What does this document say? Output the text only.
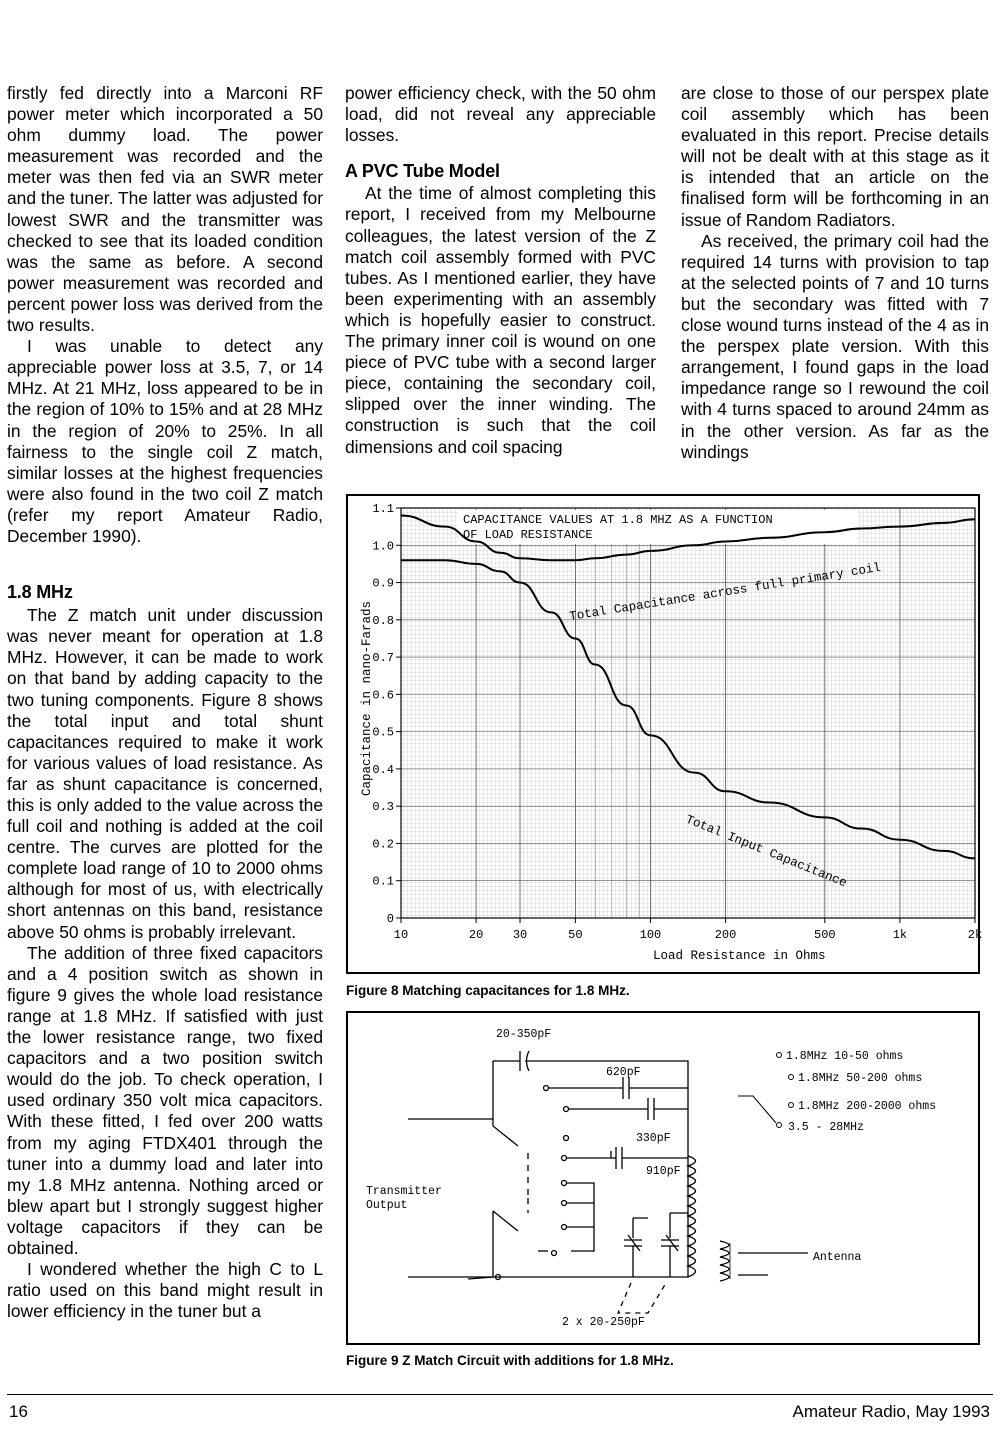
firstly fed directly into a Marconi RF power meter which incorporated a 50 ohm dummy load. The power measurement was recorded and the meter was then fed via an SWR meter and the tuner. The latter was adjusted for lowest SWR and the transmitter was checked to see that its loaded condition was the same as before. A second power measurement was recorded and percent power loss was derived from the two results.

I was unable to detect any appreciable power loss at 3.5, 7, or 14 MHz. At 21 MHz, loss appeared to be in the region of 10% to 15% and at 28 MHz in the region of 20% to 25%. In all fairness to the single coil Z match, similar losses at the highest frequencies were also found in the two coil Z match (refer my report Amateur Radio, December 1990).

1.8 MHz

The Z match unit under discussion was never meant for operation at 1.8 MHz. However, it can be made to work on that band by adding capacity to the two tuning components. Figure 8 shows the total input and total shunt capacitances required to make it work for various values of load resistance. As far as shunt capacitance is concerned, this is only added to the value across the full coil and nothing is added at the coil centre. The curves are plotted for the complete load range of 10 to 2000 ohms although for most of us, with electrically short antennas on this band, resistance above 50 ohms is probably irrelevant.

The addition of three fixed capacitors and a 4 position switch as shown in figure 9 gives the whole load resistance range at 1.8 MHz. If satisfied with just the lower resistance range, two fixed capacitors and a two position switch would do the job. To check operation, I used ordinary 350 volt mica capacitors. With these fitted, I fed over 200 watts from my aging FTDX401 through the tuner into a dummy load and later into my 1.8 MHz antenna. Nothing arced or blew apart but I strongly suggest higher voltage capacitors if they can be obtained.

I wondered whether the high C to L ratio used on this band might result in lower efficiency in the tuner but a

power efficiency check, with the 50 ohm load, did not reveal any appreciable losses.

A PVC Tube Model

At the time of almost completing this report, I received from my Melbourne colleagues, the latest version of the Z match coil assembly formed with PVC tubes. As I mentioned earlier, they have been experimenting with an assembly which is hopefully easier to construct. The primary inner coil is wound on one piece of PVC tube with a second larger piece, containing the secondary coil, slipped over the inner winding. The construction is such that the coil dimensions and coil spacing

are close to those of our perspex plate coil assembly which has been evaluated in this report. Precise details will not be dealt with at this stage as it is intended that an article on the finalised form will be forthcoming in an issue of Random Radiators.

As received, the primary coil had the required 14 turns with provision to tap at the selected points of 7 and 10 turns but the secondary was fitted with 7 close wound turns instead of the 4 as in the perspex plate version. With this arrangement, I found gaps in the load impedance range so I rewound the coil with 4 turns spaced to around 24mm as in the other version. As far as the windings

CAPACITANCE VALUES AT 1.8 MHZ AS A FUNCTION
OF LOAD RESISTANCE
0
0.1
0.2
0.3
0.4
0.5
0.6
0.7
0.8
0.9
1.0
1.1
10	20 30	50	100	200	500	1k	2k
Capacitance in nano-Farads
Load Resistance in Ohms
Total Capacitance across full primary coil
Total Input Capacitance
Figure 8 Matching capacitances for 1.8 MHz.
20-350pF
620pF
330pF
910pF
Transmitter
Output
Antenna
2 x 20-250pF
1.8MHz 10-50 ohms
1.8MHz 50-200 ohms
1.8MHz 200-2000 ohms
3.5 - 28MHz
Figure 9 Z Match Circuit with additions for 1.8 MHz.
16	Amateur Radio, May 1993
